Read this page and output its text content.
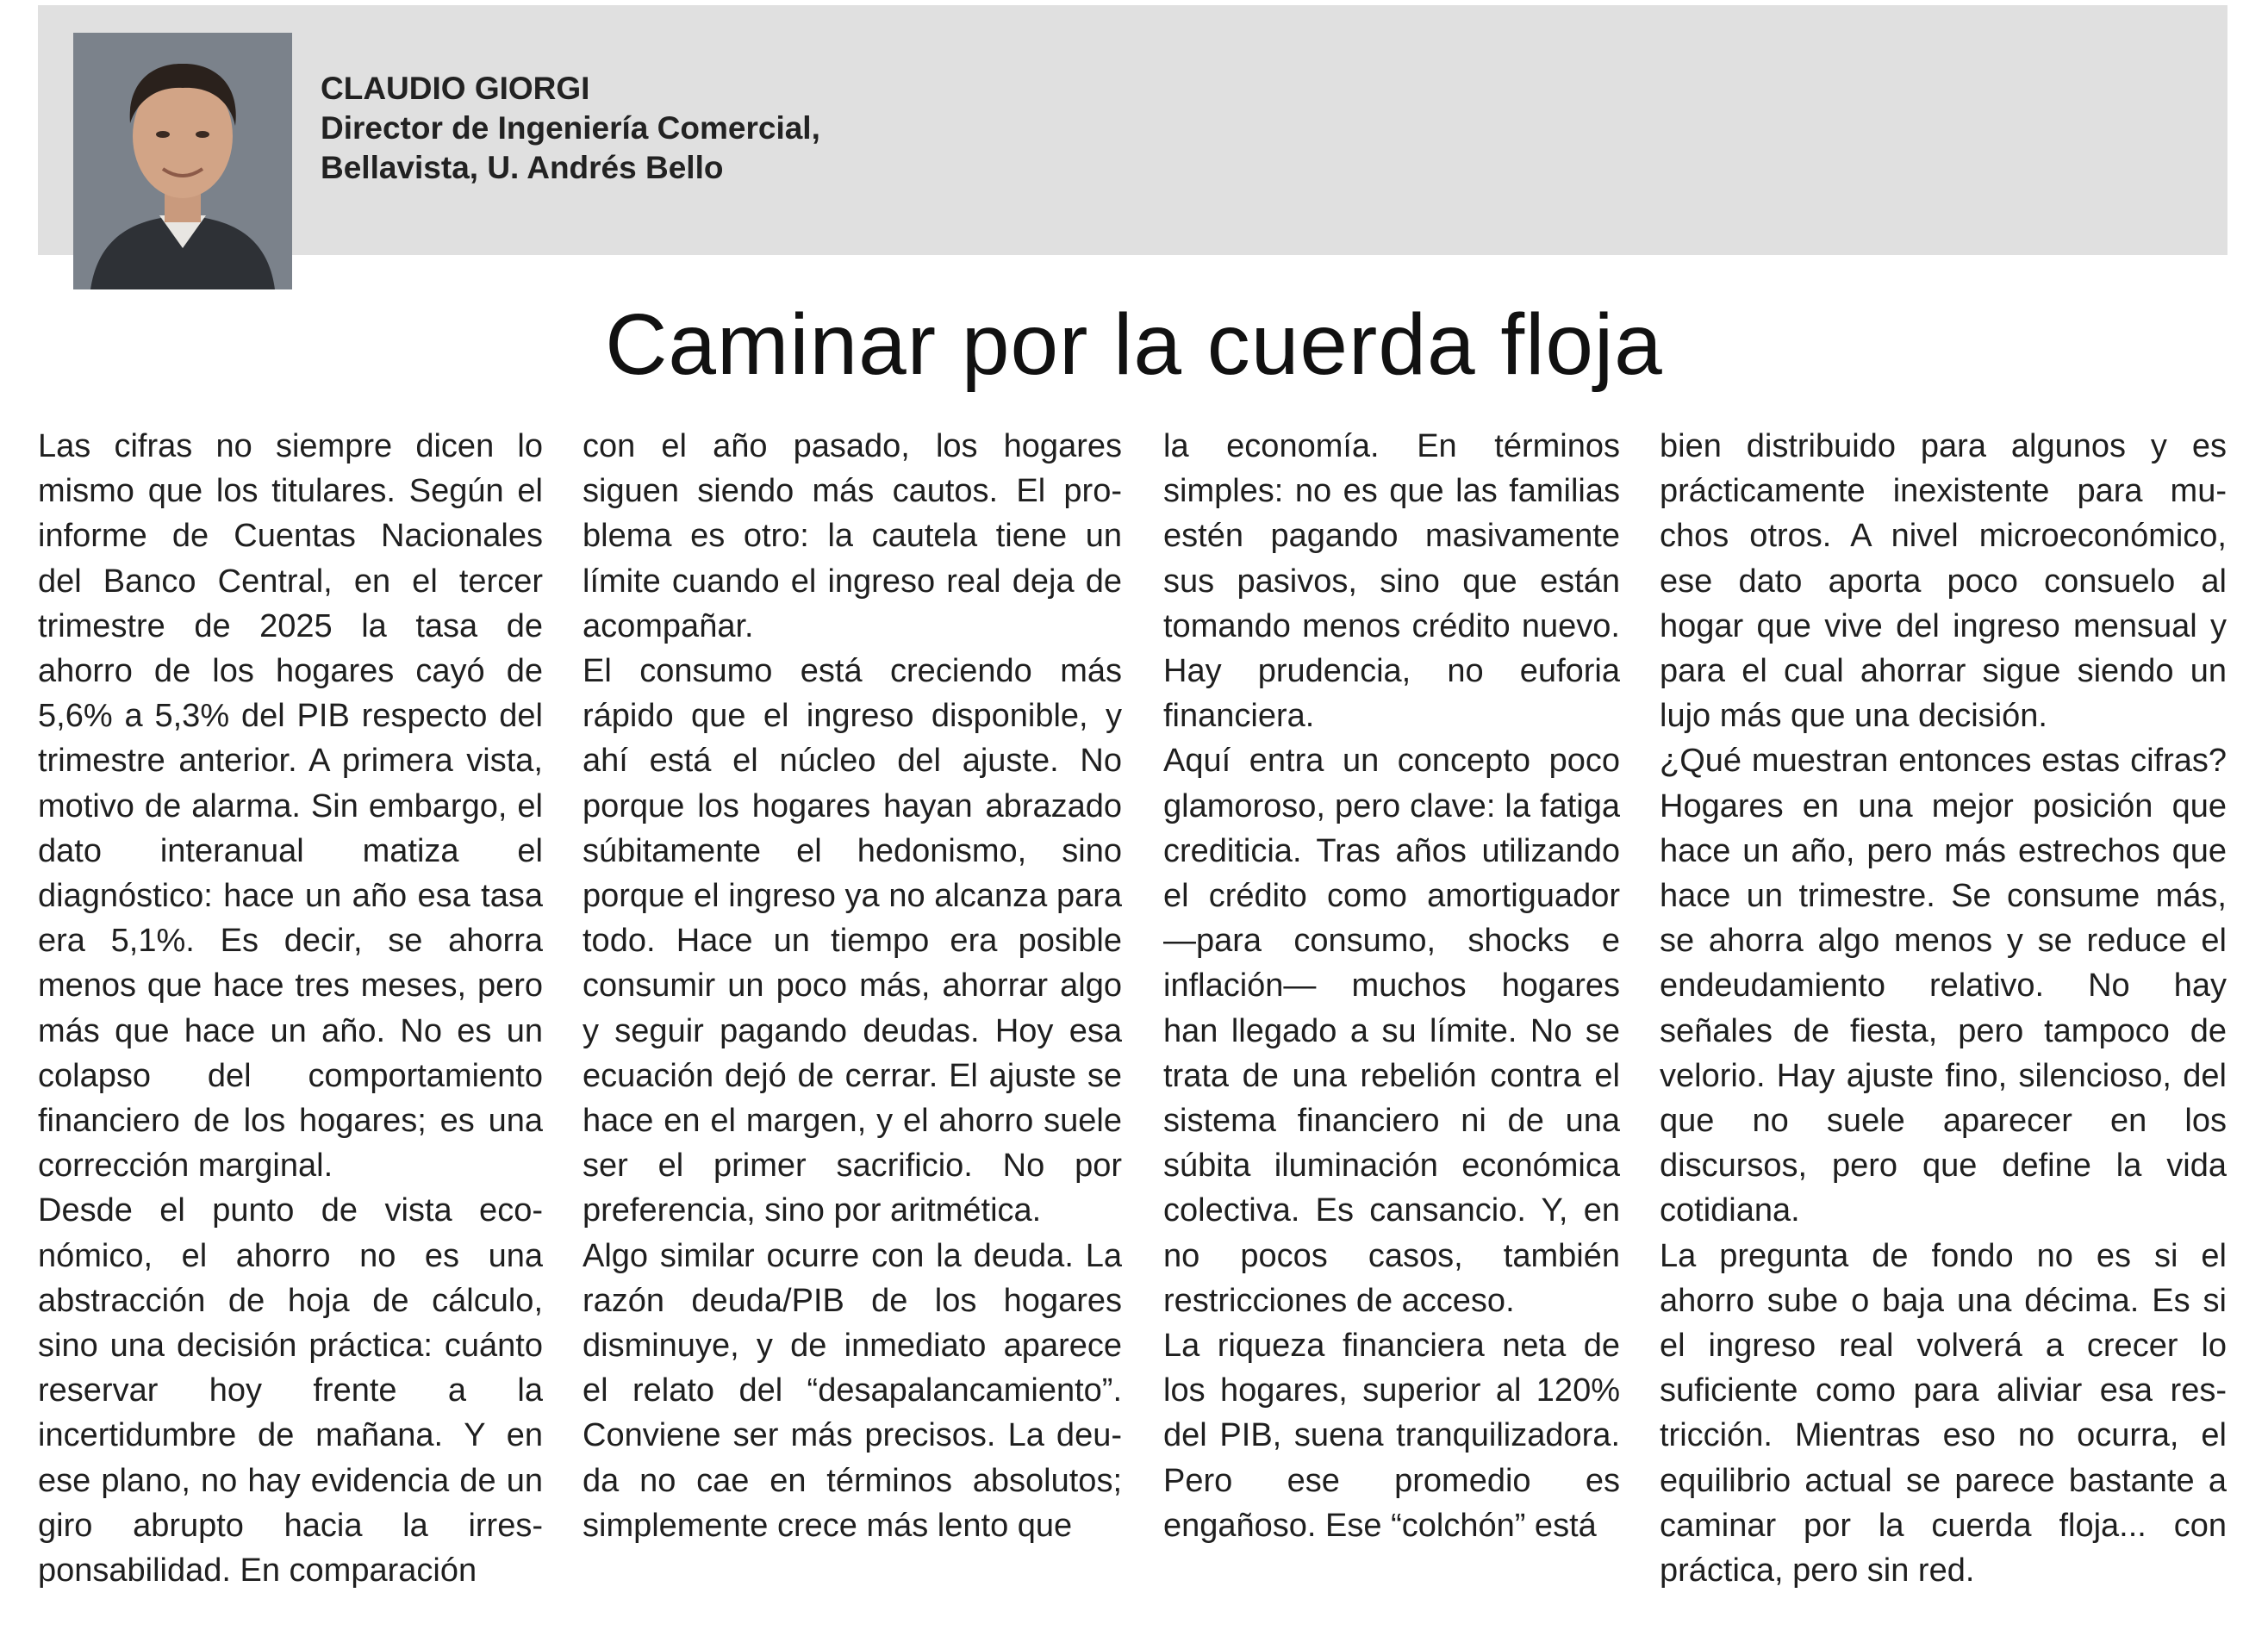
CLAUDIO GIORGI
Director de Ingeniería Comercial,
Bellavista, U. Andrés Bello
Caminar por la cuerda floja

Las cifras no siempre dicen lo mismo que los titulares. Según el informe de Cuentas Nacionales del Banco Central, en el tercer trimestre de 2025 la tasa de ahorro de los hogares cayó de 5,6% a 5,3% del PIB respecto del trimestre anterior. A primera vista, motivo de alarma. Sin embargo, el dato interanual matiza el diagnóstico: hace un año esa tasa era 5,1%. Es decir, se ahorra menos que hace tres meses, pero más que hace un año. No es un colapso del comportamiento financiero de los hogares; es una corrección marginal.

Desde el punto de vista económico, el ahorro no es una abstracción de hoja de cálculo, sino una decisión práctica: cuánto reservar hoy frente a la incertidumbre de mañana. Y en ese plano, no hay evidencia de un giro abrupto hacia la irresponsabilidad. En comparación

con el año pasado, los hogares siguen siendo más cautos. El problema es otro: la cautela tiene un límite cuando el ingreso real deja de acompañar.

El consumo está creciendo más rápido que el ingreso disponible, y ahí está el núcleo del ajuste. No porque los hogares hayan abrazado súbitamente el hedonismo, sino porque el ingreso ya no alcanza para todo. Hace un tiempo era posible consumir un poco más, ahorrar algo y seguir pagando deudas. Hoy esa ecuación dejó de cerrar. El ajuste se hace en el margen, y el ahorro suele ser el primer sacrificio. No por preferencia, sino por aritmética.

Algo similar ocurre con la deuda. La razón deuda/PIB de los hogares disminuye, y de inmediato aparece el relato del “desapalancamiento”. Conviene ser más precisos. La deuda no cae en términos absolutos; simplemente crece más lento que

la economía. En términos simples: no es que las familias estén pagando masivamente sus pasivos, sino que están tomando menos crédito nuevo. Hay prudencia, no euforia financiera.

Aquí entra un concepto poco glamoroso, pero clave: la fatiga crediticia. Tras años utilizando el crédito como amortiguador —para consumo, shocks e inflación— muchos hogares han llegado a su límite. No se trata de una rebelión contra el sistema financiero ni de una súbita iluminación económica colectiva. Es cansancio. Y, en no pocos casos, también restricciones de acceso.

La riqueza financiera neta de los hogares, superior al 120% del PIB, suena tranquilizadora. Pero ese promedio es engañoso. Ese “colchón” está

bien distribuido para algunos y es prácticamente inexistente para muchos otros. A nivel microeconómico, ese dato aporta poco consuelo al hogar que vive del ingreso mensual y para el cual ahorrar sigue siendo un lujo más que una decisión.

¿Qué muestran entonces estas cifras? Hogares en una mejor posición que hace un año, pero más estrechos que hace un trimestre. Se consume más, se ahorra algo menos y se reduce el endeudamiento relativo. No hay señales de fiesta, pero tampoco de velorio. Hay ajuste fino, silencioso, del que no suele aparecer en los discursos, pero que define la vida cotidiana.

La pregunta de fondo no es si el ahorro sube o baja una décima. Es si el ingreso real volverá a crecer lo suficiente como para aliviar esa restricción. Mientras eso no ocurra, el equilibrio actual se parece bastante a caminar por la cuerda floja... con práctica, pero sin red.
